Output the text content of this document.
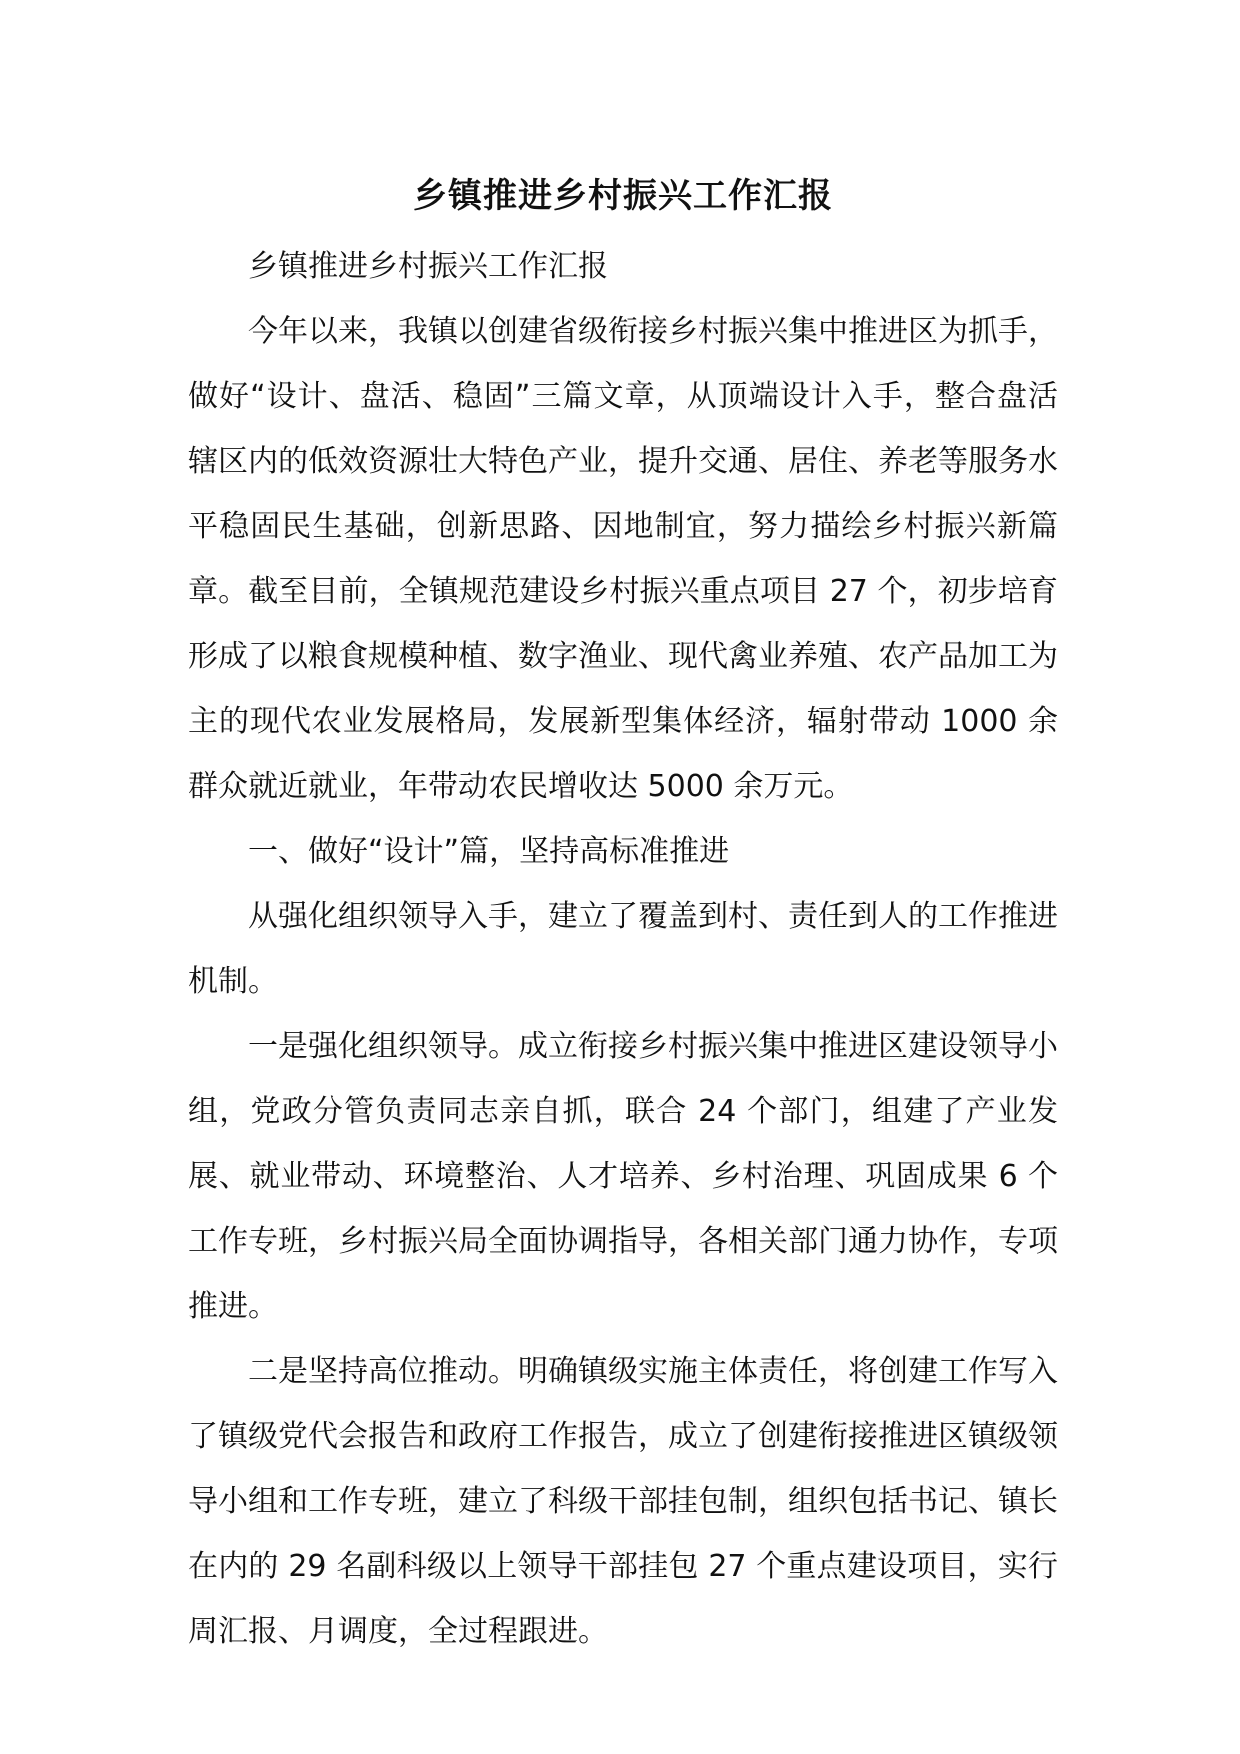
乡镇推进乡村振兴工作汇报

乡镇推进乡村振兴工作汇报

今年以来，我镇以创建省级衔接乡村振兴集中推进区为抓手，做好“设计、盘活、稳固”三篇文章，从顶端设计入手，整合盘活辖区内的低效资源壮大特色产业，提升交通、居住、养老等服务水平稳固民生基础，创新思路、因地制宜，努力描绘乡村振兴新篇章。截至目前，全镇规范建设乡村振兴重点项目 27 个，初步培育形成了以粮食规模种植、数字渔业、现代禽业养殖、农产品加工为主的现代农业发展格局，发展新型集体经济，辐射带动 1000 余群众就近就业，年带动农民增收达 5000 余万元。

一、做好“设计”篇，坚持高标准推进

从强化组织领导入手，建立了覆盖到村、责任到人的工作推进机制。

一是强化组织领导。成立衔接乡村振兴集中推进区建设领导小组，党政分管负责同志亲自抓，联合 24 个部门，组建了产业发展、就业带动、环境整治、人才培养、乡村治理、巩固成果 6 个工作专班，乡村振兴局全面协调指导，各相关部门通力协作，专项推进。

二是坚持高位推动。明确镇级实施主体责任，将创建工作写入了镇级党代会报告和政府工作报告，成立了创建衔接推进区镇级领导小组和工作专班，建立了科级干部挂包制，组织包括书记、镇长在内的 29 名副科级以上领导干部挂包 27 个重点建设项目，实行周汇报、月调度，全过程跟进。
